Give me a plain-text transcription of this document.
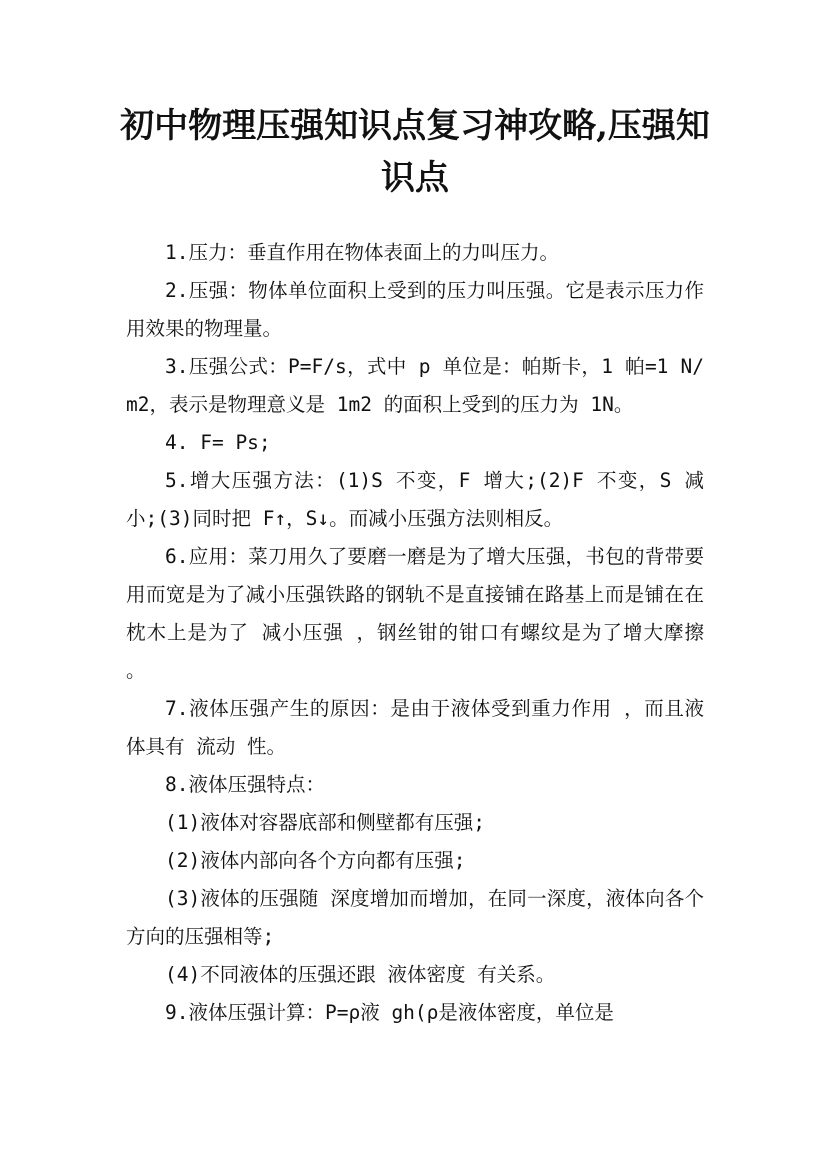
初中物理压强知识点复习神攻略,压强知识点

1.压力：垂直作用在物体表面上的力叫压力。

2.压强：物体单位面积上受到的压力叫压强。它是表示压力作用效果的物理量。

3.压强公式：P=F/s，式中 p 单位是：帕斯卡，1 帕=1 N/m2，表示是物理意义是 1m2 的面积上受到的压力为 1N。

4. F= Ps;

5.增大压强方法：(1)S 不变，F 增大;(2)F 不变，S 减小;(3)同时把 F↑，S↓。而减小压强方法则相反。

6.应用：菜刀用久了要磨一磨是为了增大压强，书包的背带要用而宽是为了减小压强铁路的钢轨不是直接铺在路基上而是铺在在枕木上是为了 减小压强 ，钢丝钳的钳口有螺纹是为了增大摩擦 。

7.液体压强产生的原因：是由于液体受到重力作用 ，而且液体具有 流动 性。

8.液体压强特点：

(1)液体对容器底部和侧壁都有压强;

(2)液体内部向各个方向都有压强;

(3)液体的压强随 深度增加而增加，在同一深度，液体向各个方向的压强相等;

(4)不同液体的压强还跟 液体密度 有关系。

9.液体压强计算：P=ρ液 gh(ρ是液体密度，单位是
